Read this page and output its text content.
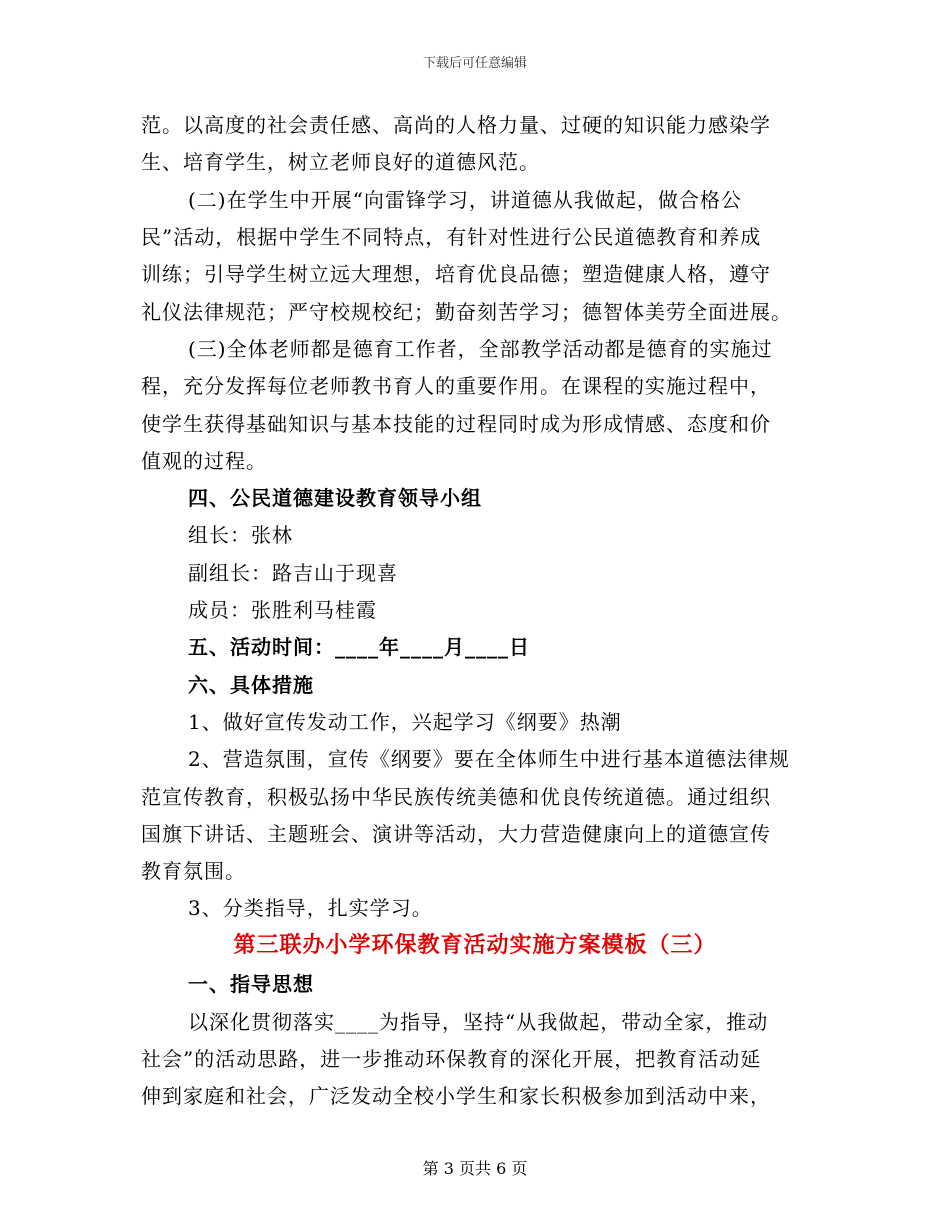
下载后可任意编辑
范。以高度的社会责任感、高尚的人格力量、过硬的知识能力感染学
生、培育学生，树立老师良好的道德风范。
(二)在学生中开展“向雷锋学习，讲道德从我做起，做合格公
民”活动，根据中学生不同特点，有针对性进行公民道德教育和养成
训练；引导学生树立远大理想，培育优良品德；塑造健康人格，遵守
礼仪法律规范；严守校规校纪；勤奋刻苦学习；德智体美劳全面进展。
(三)全体老师都是德育工作者，全部教学活动都是德育的实施过
程，充分发挥每位老师教书育人的重要作用。在课程的实施过程中，
使学生获得基础知识与基本技能的过程同时成为形成情感、态度和价
值观的过程。
四、公民道德建设教育领导小组
组长：张林
副组长：路吉山于现喜
成员：张胜利马桂霞
五、活动时间：____年____月____日
六、具体措施
1、做好宣传发动工作，兴起学习《纲要》热潮
2、营造氛围，宣传《纲要》要在全体师生中进行基本道德法律规
范宣传教育，积极弘扬中华民族传统美德和优良传统道德。通过组织
国旗下讲话、主题班会、演讲等活动，大力营造健康向上的道德宣传
教育氛围。
3、分类指导，扎实学习。
第三联办小学环保教育活动实施方案模板（三）
一、指导思想
以深化贯彻落实____为指导，坚持“从我做起，带动全家，推动
社会”的活动思路，进一步推动环保教育的深化开展，把教育活动延
伸到家庭和社会，广泛发动全校小学生和家长积极参加到活动中来，
第 3 页共 6 页
